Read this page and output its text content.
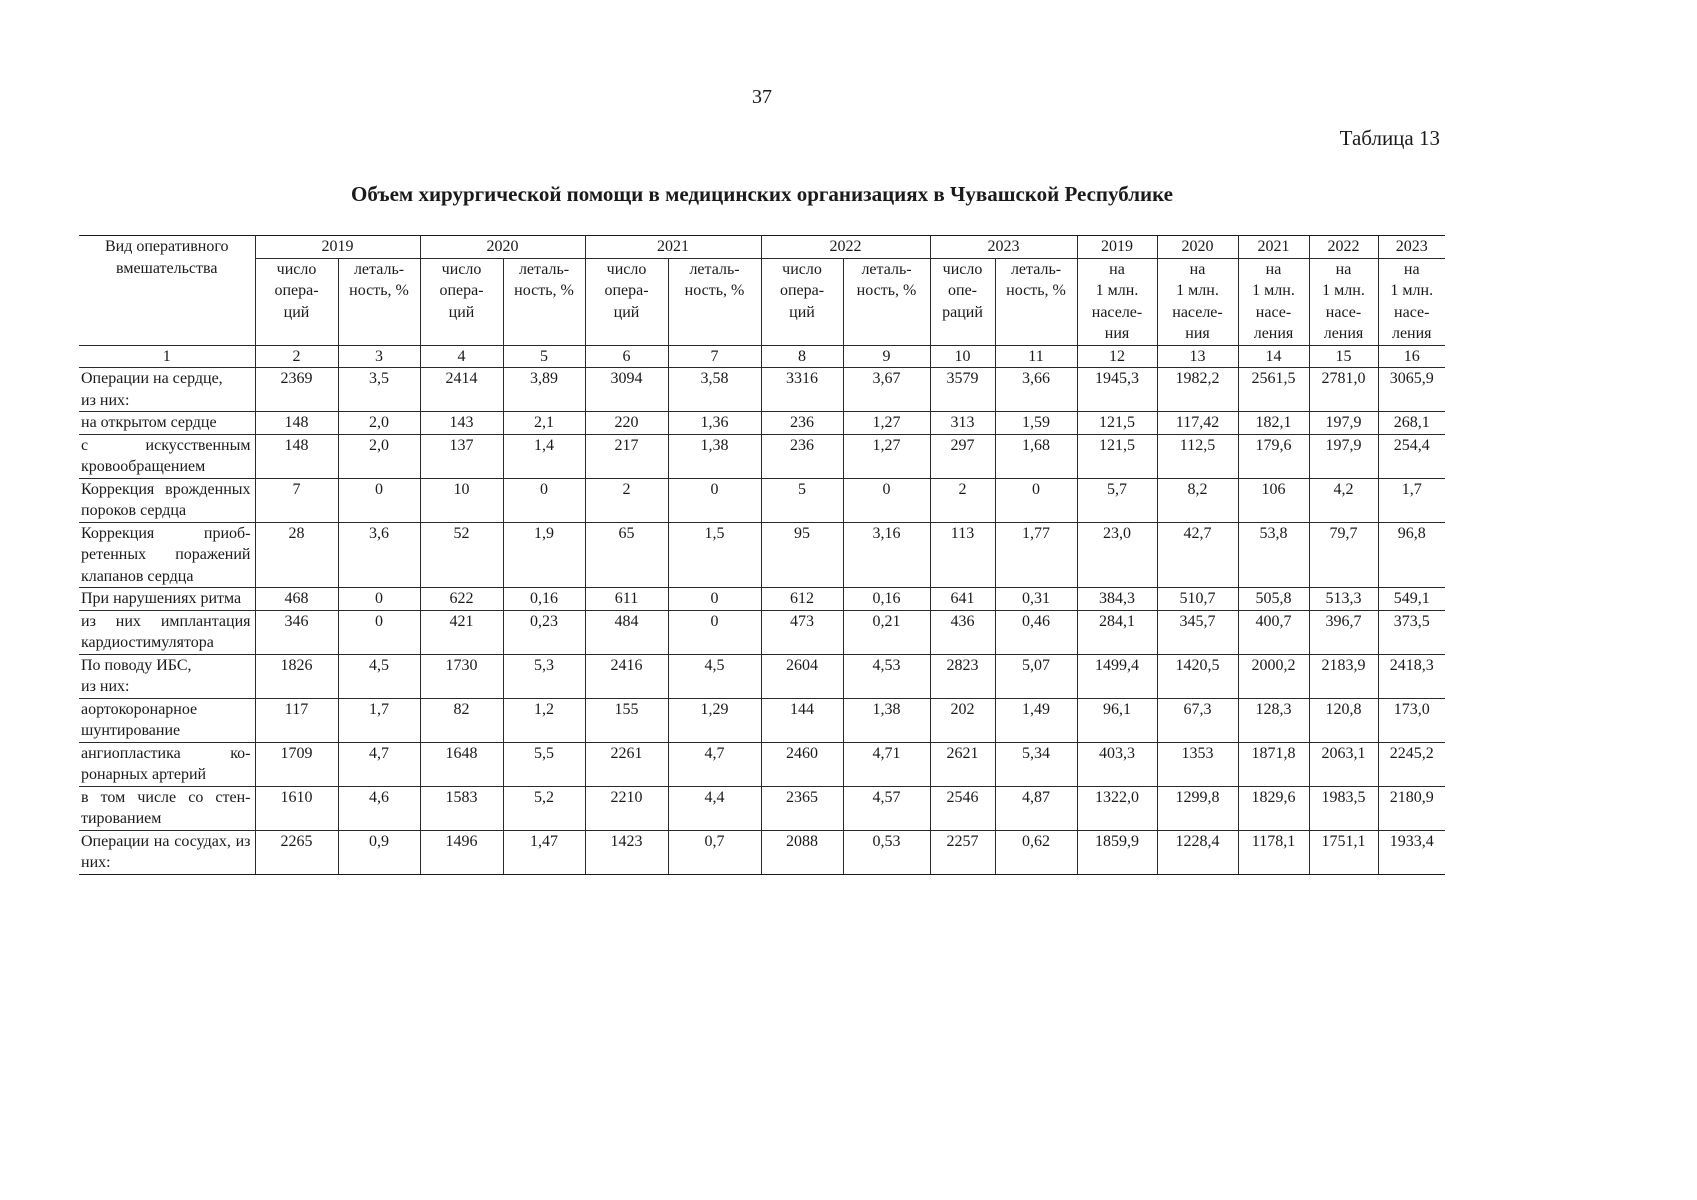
37
Таблица 13
Объем хирургической помощи в медицинских организациях в Чувашской Республике
Вид оперативного вмешательства	2019		2020		2021		2022		2023		2019	2020	2021	2022	2023

	число
опера-
ций	леталь-
ность, %	число
опера-
ций	леталь-
ность, %	число
опера-
ций	леталь-
ность, %	число
опера-
ций	леталь-
ность, %	число
опе-
раций	леталь-
ность, %	на
1 млн.
населе-
ния	на
1 млн.
населе-
ния	на
1 млн.
насе-
ления	на
1 млн.
насе-
ления	на
1 млн.
насе-
ления

1	2	3	4	5	6	7	8	9	10	11	12	13	14	15	16
Операции на сердце,
из них:	2369	3,5	2414	3,89	3094	3,58	3316	3,67	3579	3,66	1945,3	1982,2	2561,5	2781,0	3065,9
на открытом сердце	148	2,0	143	2,1	220	1,36	236	1,27	313	1,59	121,5	117,42	182,1	197,9	268,1
с искусственным кровообращением	148	2,0	137	1,4	217	1,38	236	1,27	297	1,68	121,5	112,5	179,6	197,9	254,4
Коррекция врожденных пороков сердца	7	0	10	0	2	0	5	0	2	0	5,7	8,2	106	4,2	1,7
Коррекция приобретенных поражений клапанов сердца	28	3,6	52	1,9	65	1,5	95	3,16	113	1,77	23,0	42,7	53,8	79,7	96,8
При нарушениях ритма	468	0	622	0,16	611	0	612	0,16	641	0,31	384,3	510,7	505,8	513,3	549,1
из них имплантация кардиостимулятора	346	0	421	0,23	484	0	473	0,21	436	0,46	284,1	345,7	400,7	396,7	373,5
По поводу ИБС,
из них:	1826	4,5	1730	5,3	2416	4,5	2604	4,53	2823	5,07	1499,4	1420,5	2000,2	2183,9	2418,3
аортокоронарное шунтирование	117	1,7	82	1,2	155	1,29	144	1,38	202	1,49	96,1	67,3	128,3	120,8	173,0
ангиопластика коронарных артерий	1709	4,7	1648	5,5	2261	4,7	2460	4,71	2621	5,34	403,3	1353	1871,8	2063,1	2245,2
в том числе со стентированием	1610	4,6	1583	5,2	2210	4,4	2365	4,57	2546	4,87	1322,0	1299,8	1829,6	1983,5	2180,9
Операции на сосудах, из них:	2265	0,9	1496	1,47	1423	0,7	2088	0,53	2257	0,62	1859,9	1228,4	1178,1	1751,1	1933,4
